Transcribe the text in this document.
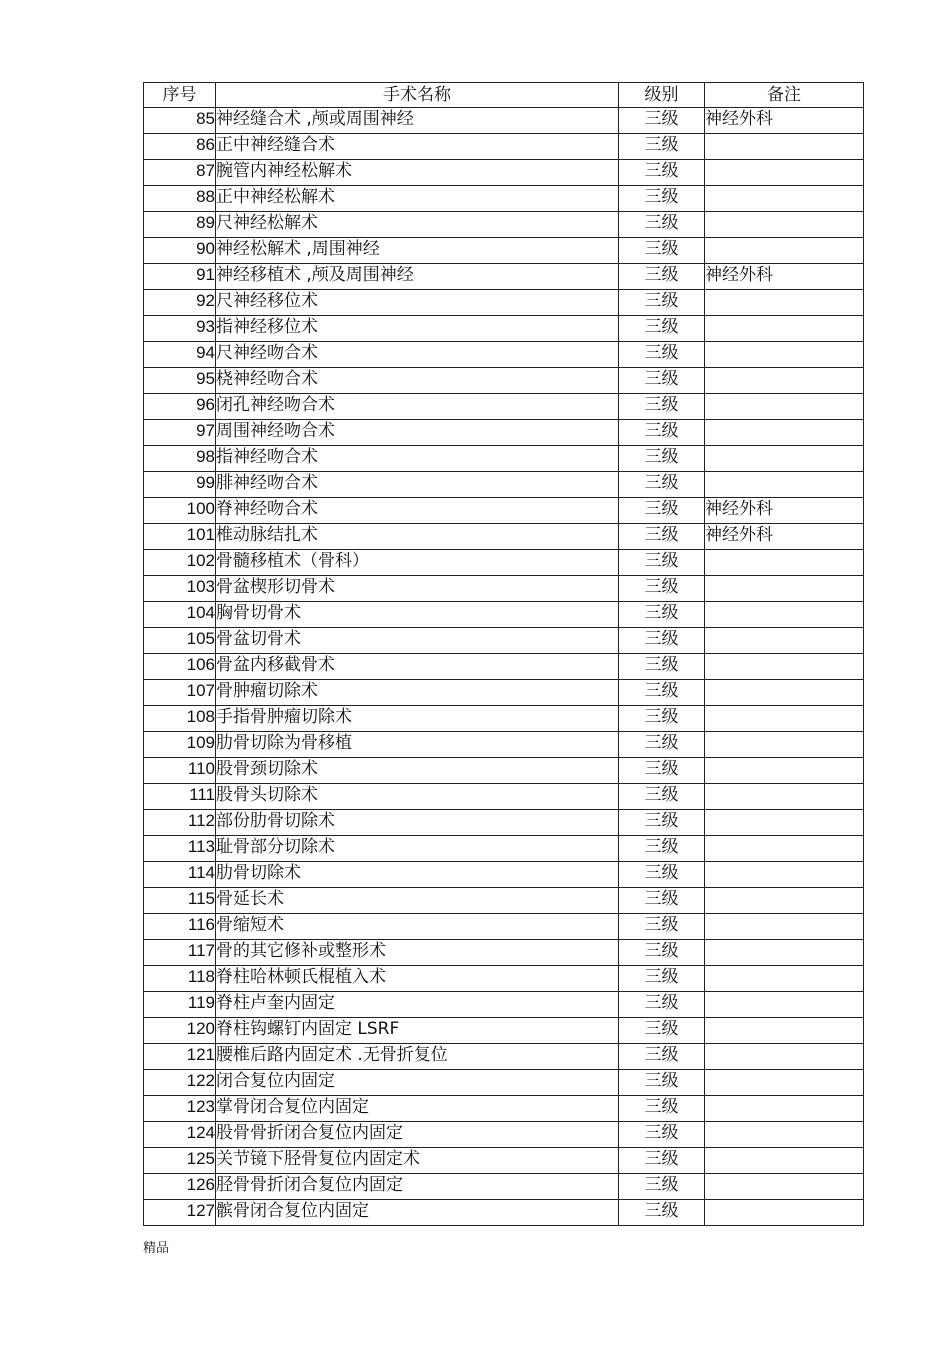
序号	手术名称	级别	备注
85	神经缝合术 ,颅或周围神经	三级	神经外科
86	正中神经缝合术	三级	
87	腕管内神经松解术	三级	
88	正中神经松解术	三级	
89	尺神经松解术	三级	
90	神经松解术 ,周围神经	三级	
91	神经移植术 ,颅及周围神经	三级	神经外科
92	尺神经移位术	三级	
93	指神经移位术	三级	
94	尺神经吻合术	三级	
95	桡神经吻合术	三级	
96	闭孔神经吻合术	三级	
97	周围神经吻合术	三级	
98	指神经吻合术	三级	
99	腓神经吻合术	三级	
100	脊神经吻合术	三级	神经外科
101	椎动脉结扎术	三级	神经外科
102	骨髓移植术（骨科）	三级	
103	骨盆楔形切骨术	三级	
104	胸骨切骨术	三级	
105	骨盆切骨术	三级	
106	骨盆内移截骨术	三级	
107	骨肿瘤切除术	三级	
108	手指骨肿瘤切除术	三级	
109	肋骨切除为骨移植	三级	
110	股骨颈切除术	三级	
111	股骨头切除术	三级	
112	部份肋骨切除术	三级	
113	耻骨部分切除术	三级	
114	肋骨切除术	三级	
115	骨延长术	三级	
116	骨缩短术	三级	
117	骨的其它修补或整形术	三级	
118	脊柱哈林顿氏棍植入术	三级	
119	脊柱卢奎内固定	三级	
120	脊柱钩螺钉内固定 LSRF	三级	
121	腰椎后路内固定术 .无骨折复位	三级	
122	闭合复位内固定	三级	
123	掌骨闭合复位内固定	三级	
124	股骨骨折闭合复位内固定	三级	
125	关节镜下胫骨复位内固定术	三级	
126	胫骨骨折闭合复位内固定	三级	
127	髌骨闭合复位内固定	三级	
精品
